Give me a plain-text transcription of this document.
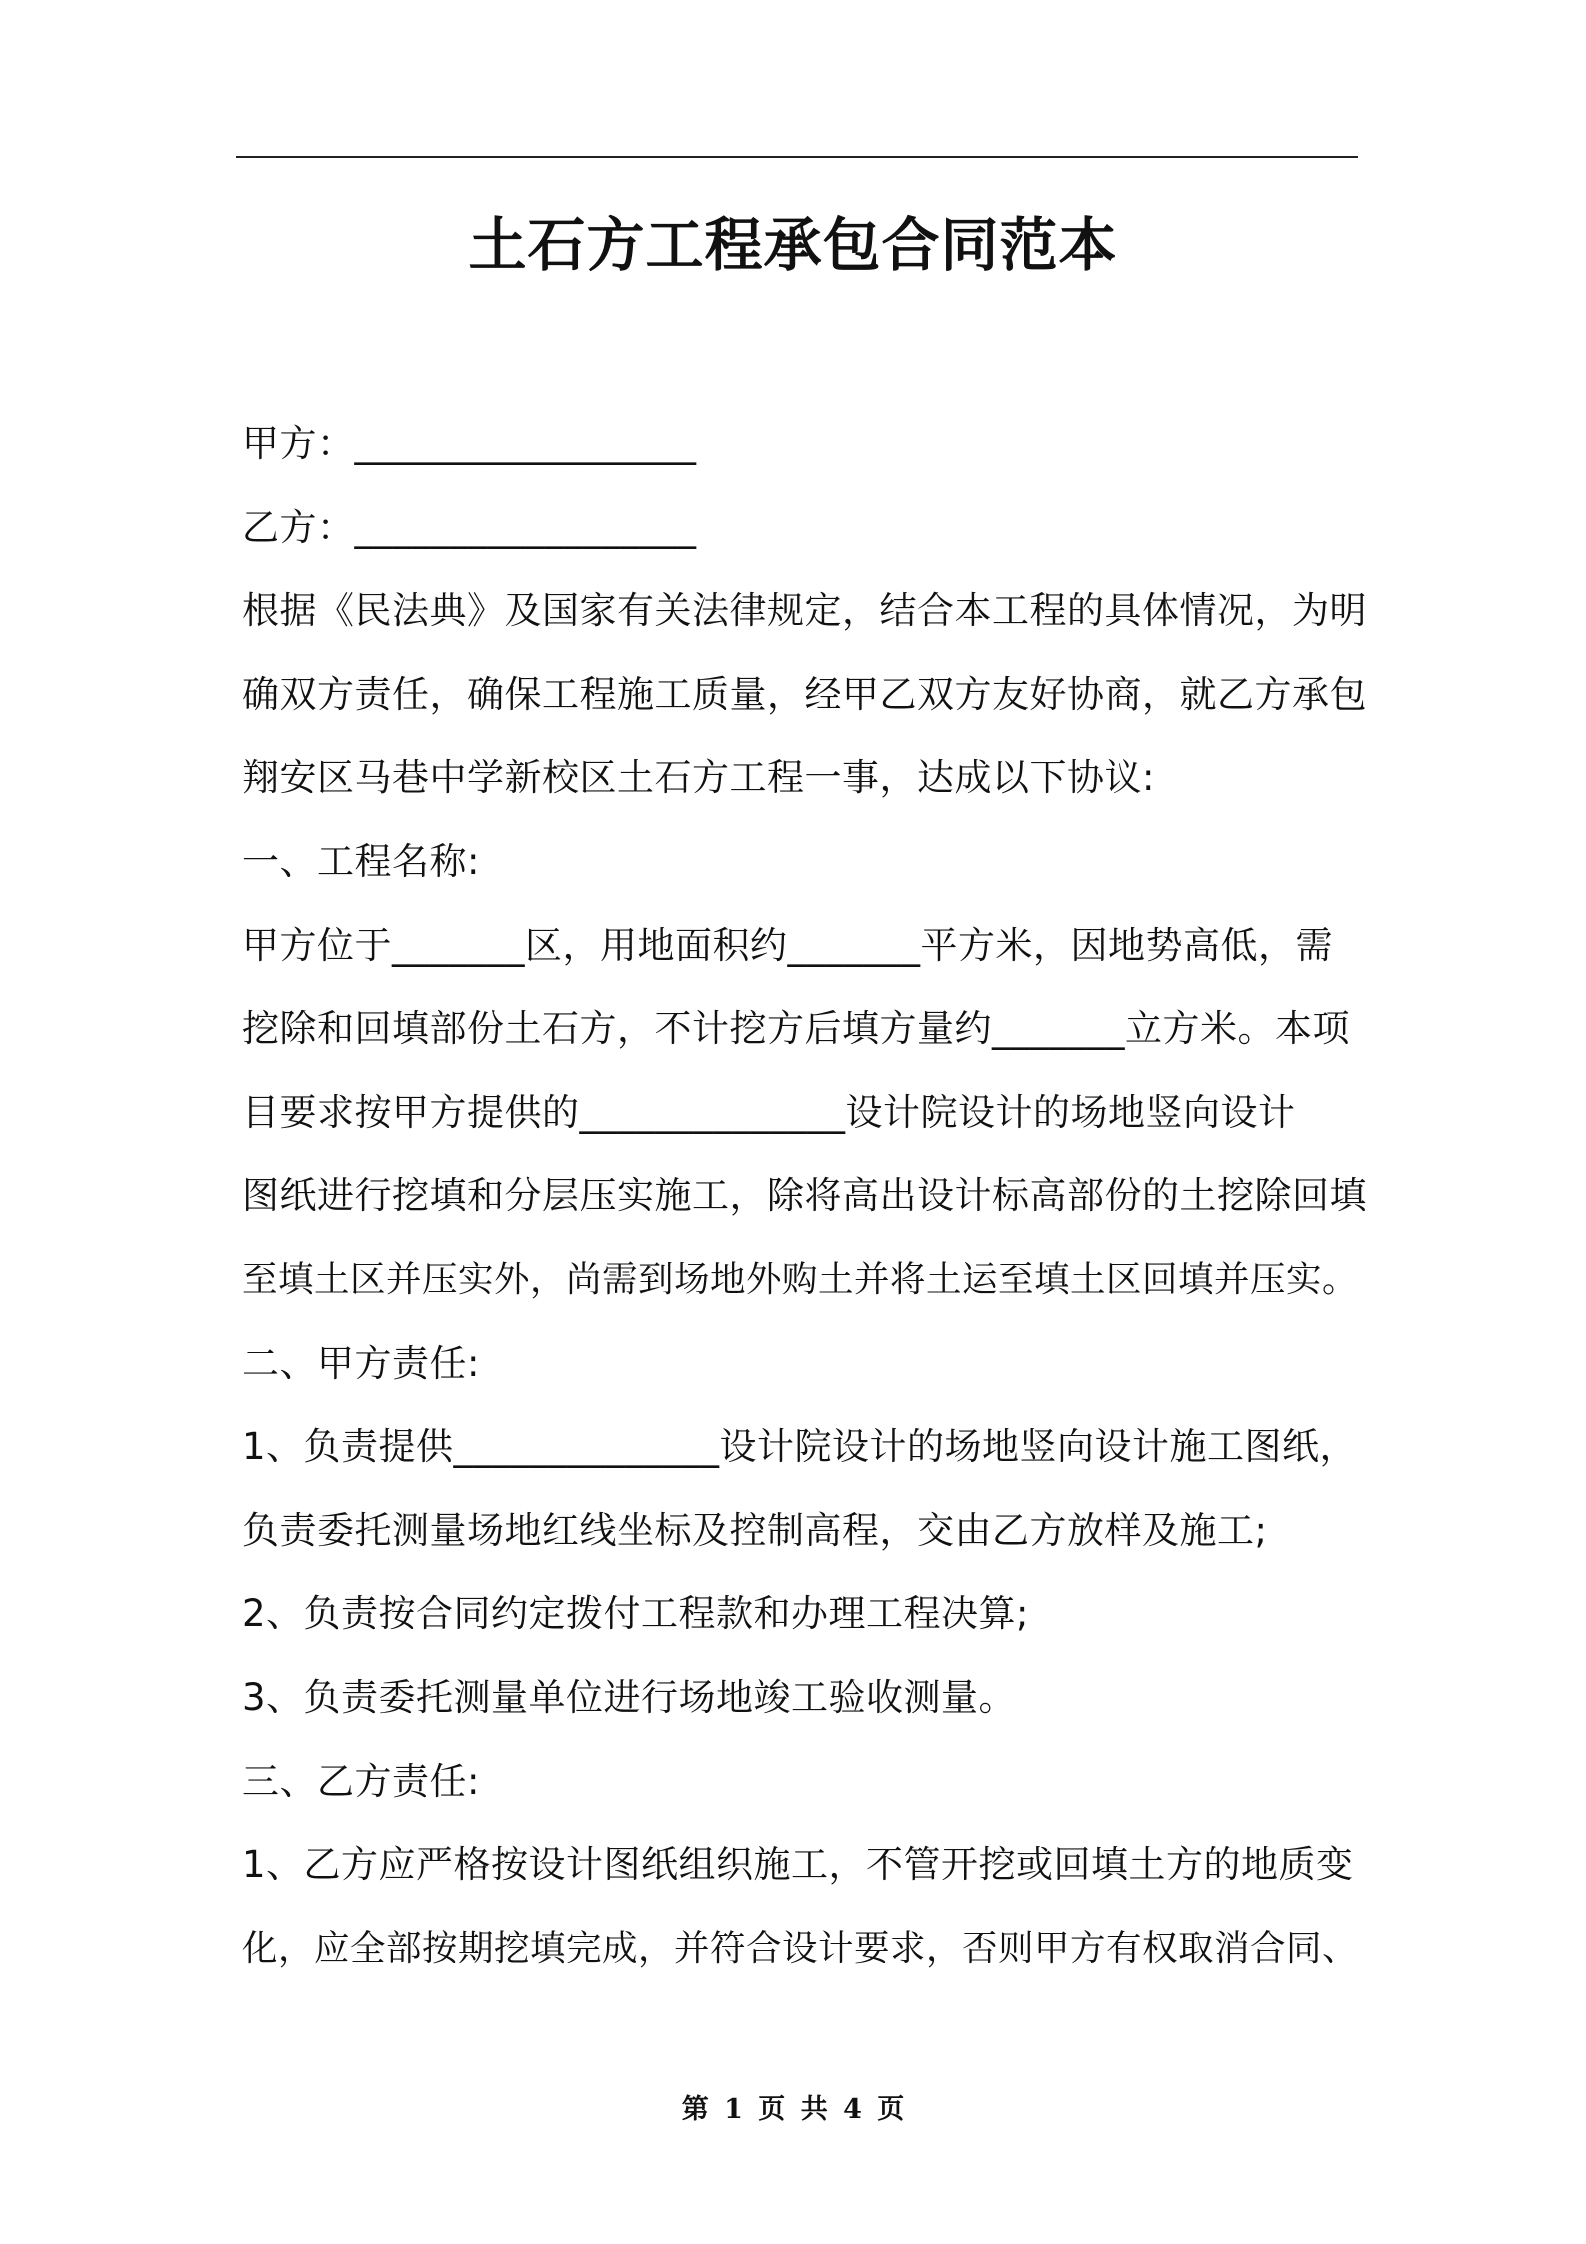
土石方工程承包合同范本
甲方：__________________
乙方：__________________
根据《民法典》及国家有关法律规定，结合本工程的具体情况，为明
确双方责任，确保工程施工质量，经甲乙双方友好协商，就乙方承包
翔安区马巷中学新校区土石方工程一事，达成以下协议:
一、工程名称:
甲方位于_______区，用地面积约_______平方米，因地势高低，需
挖除和回填部份土石方，不计挖方后填方量约_______立方米。本项
目要求按甲方提供的______________设计院设计的场地竖向设计
图纸进行挖填和分层压实施工，除将高出设计标高部份的土挖除回填
至填土区并压实外，尚需到场地外购土并将土运至填土区回填并压实。
二、甲方责任:
1、负责提供______________设计院设计的场地竖向设计施工图纸，
负责委托测量场地红线坐标及控制高程，交由乙方放样及施工;
2、负责按合同约定拨付工程款和办理工程决算;
3、负责委托测量单位进行场地竣工验收测量。
三、乙方责任:
1、乙方应严格按设计图纸组织施工，不管开挖或回填土方的地质变
化，应全部按期挖填完成，并符合设计要求，否则甲方有权取消合同、
第 1 页 共 4 页
